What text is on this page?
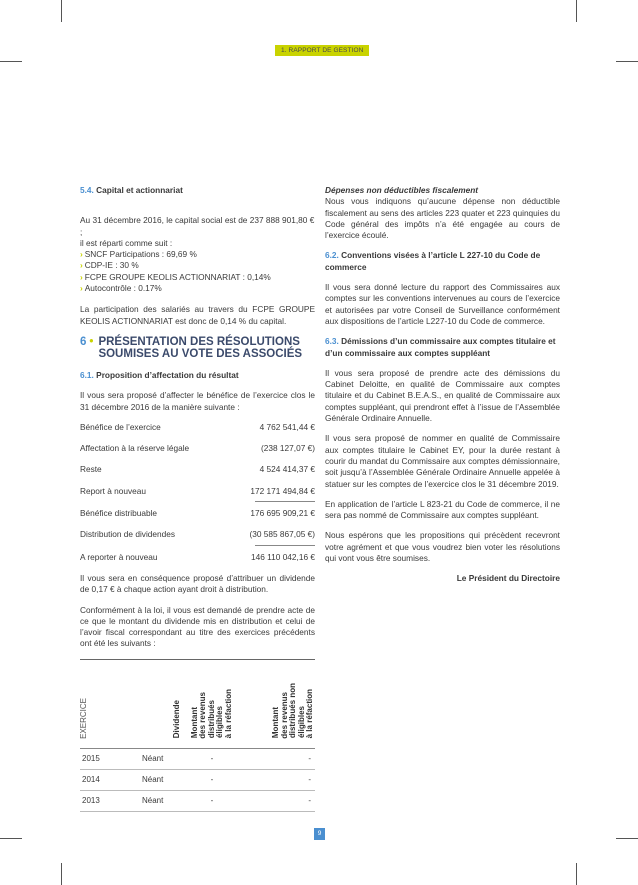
1. RAPPORT DE GESTION
5.4. Capital et actionnariat
Au 31 décembre 2016, le capital social est de 237 888 901,80 € ;
il est réparti comme suit :
› SNCF Participations : 69,69 %
› CDP-IE : 30 %
› FCPE GROUPE KEOLIS ACTIONNARIAT : 0,14%
› Autocontrôle : 0.17%

La participation des salariés au travers du FCPE GROUPE KEOLIS ACTIONNARIAT est donc de 0,14 % du capital.

6 • PRÉSENTATION DES RÉSOLUTIONS SOUMISES AU VOTE DES ASSOCIÉS
6.1. Proposition d’affectation du résultat

Il vous sera proposé d’affecter le bénéfice de l’exercice clos le 31 décembre 2016 de la manière suivante :

Bénéfice de l’exercice	4 762 541,44 €
Affectation à la réserve légale	(238 127,07 €)
Reste	4 524 414,37 €
Report à nouveau	172 171 494,84 €
Bénéfice distribuable	176 695 909,21 €
Distribution de dividendes	(30 585 867,05 €)
A reporter à nouveau	146 110 042,16 €

Il vous sera en conséquence proposé d’attribuer un dividende de 0,17 € à chaque action ayant droit à distribution.

Conformément à la loi, il vous est demandé de prendre acte de ce que le montant du dividende mis en distribution et celui de l’avoir fiscal correspondant au titre des exercices précédents ont été les suivants :

EXERCICE	Dividende	Montantdes revenusdistribuéséligiblesà la réfaction	Montantdes revenusdistribués nonéligiblesà la réfaction
2015	Néant	-	-
2014	Néant	-	-
2013	Néant	-	-
Dépenses non déductibles fiscalement

Nous vous indiquons qu’aucune dépense non déductible fiscalement au sens des articles 223 quater et 223 quinquies du Code général des impôts n’a été engagée au cours de l’exercice écoulé.

6.2. Conventions visées à l’article L 227-10 du Code de commerce

Il vous sera donné lecture du rapport des Commissaires aux comptes sur les conventions intervenues au cours de l’exercice et autorisées par votre Conseil de Surveillance conformément aux dispositions de l’article L227-10 du Code de commerce.

6.3. Démissions d’un commissaire aux comptes titulaire et d’un commissaire aux comptes suppléant

Il vous sera proposé de prendre acte des démissions du Cabinet Deloitte, en qualité de Commissaire aux comptes titulaire et du Cabinet B.E.A.S., en qualité de Commissaire aux comptes suppléant, qui prendront effet à l’issue de l’Assemblée Générale Ordinaire Annuelle.

Il vous sera proposé de nommer en qualité de Commissaire aux comptes titulaire le Cabinet EY, pour la durée restant à courir du mandat du Commissaire aux comptes démissionnaire, soit jusqu’à l’Assemblée Générale Ordinaire Annuelle appelée à statuer sur les comptes de l’exercice clos le 31 décembre 2019.

En application de l’article L 823-21 du Code de commerce, il ne sera pas nommé de Commissaire aux comptes suppléant.

Nous espérons que les propositions qui précèdent recevront votre agrément et que vous voudrez bien voter les résolutions qui vont vous être soumises.

Le Président du Directoire
9
